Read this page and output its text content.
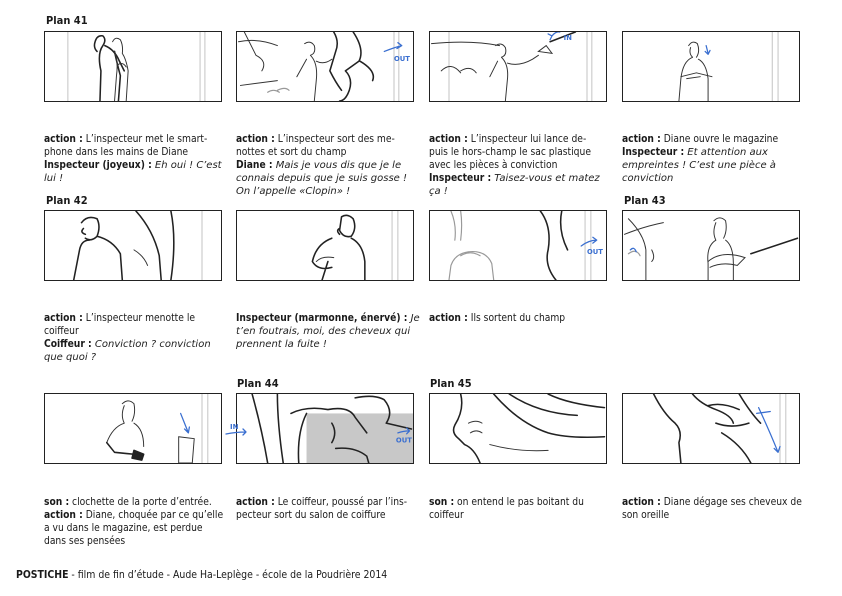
Plan 41
Plan 42	Plan 43
Plan 44	Plan 45
OUT
IN
action : L’inspecteur met le smart-
phone dans les mains de Diane
Inspecteur (joyeux) : Eh oui ! C’est
lui !
action : L’inspecteur sort des me-
nottes et sort du champ
Diane : Mais je vous dis que je le
connais depuis que je suis gosse !
On l’appelle «Clopin» !
action : L’inspecteur lui lance de-
puis le hors-champ le sac plastique
avec les pièces à conviction
Inspecteur : Taisez-vous et matez
ça !
action : Diane ouvre le magazine
Inspecteur : Et attention aux
empreintes ! C’est une pièce à
conviction
OUT
action : L’inspecteur menotte le
coiffeur
Coiffeur : Conviction ? conviction
que quoi ?
Inspecteur (marmonne, énervé) : Je
t’en foutrais, moi, des cheveux qui
prennent la fuite !
action : Ils sortent du champ
OUT
son : clochette de la porte d’entrée.
action : Diane, choquée par ce qu’elle
a vu dans le magazine, est perdue
dans ses pensées
action : Le coiffeur, poussé par l’ins-
pecteur sort du salon de coiffure
son : on entend le pas boitant du
coiffeur
action : Diane dégage ses cheveux de
son oreille
IN
POSTICHE - film de fin d’étude - Aude Ha-Leplège - école de la Poudrière 2014
